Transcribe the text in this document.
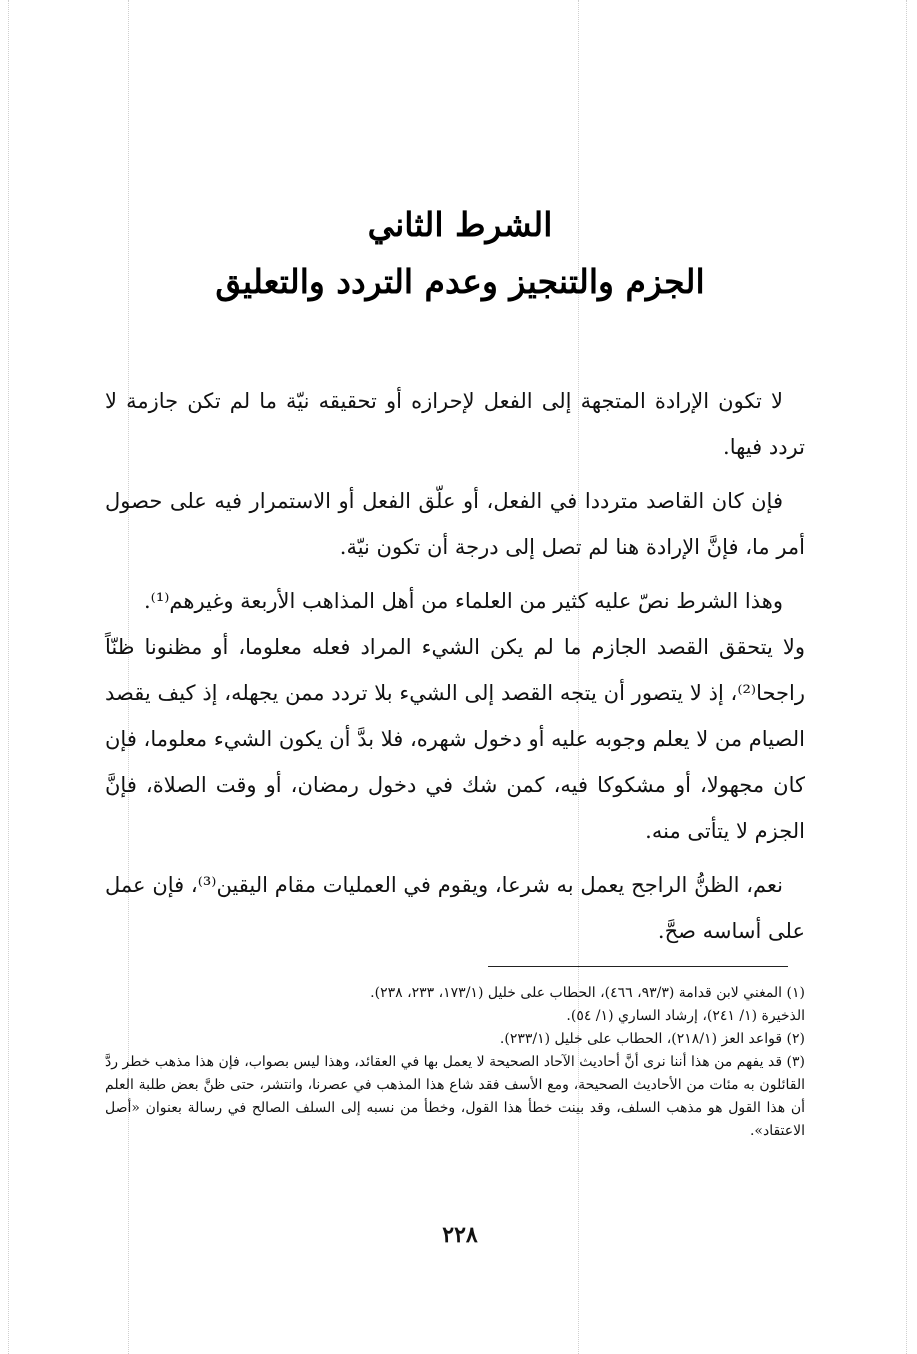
الشرط الثاني
الجزم والتنجيز وعدم التردد والتعليق

لا تكون الإرادة المتجهة إلى الفعل لإحرازه أو تحقيقه نيّة ما لم تكن جازمة لا تردد فيها.

فإن كان القاصد مترددا في الفعل، أو علّق الفعل أو الاستمرار فيه على حصول أمر ما، فإنَّ الإرادة هنا لم تصل إلى درجة أن تكون نيّة.

وهذا الشرط نصّ عليه كثير من العلماء من أهل المذاهب الأربعة وغيرهم⁽¹⁾.

ولا يتحقق القصد الجازم ما لم يكن الشيء المراد فعله معلوما، أو مظنونا ظنّاً راجحا⁽²⁾، إذ لا يتصور أن يتجه القصد إلى الشيء بلا تردد ممن يجهله، إذ كيف يقصد الصيام من لا يعلم وجوبه عليه أو دخول شهره، فلا بدَّ أن يكون الشيء معلوما، فإن كان مجهولا، أو مشكوكا فيه، كمن شك في دخول رمضان، أو وقت الصلاة، فإنَّ الجزم لا يتأتى منه.

نعم، الظنُّ الراجح يعمل به شرعا، ويقوم في العمليات مقام اليقين⁽³⁾، فإن عمل على أساسه صحَّ.

(١) المغني لابن قدامة (٩٣/٣، ٤٦٦)، الحطاب على خليل (١٧٣/١، ٢٣٣، ٢٣٨).
الذخيرة (١/ ٢٤١)، إرشاد الساري (١/ ٥٤).
(٢) قواعد العز (٢١٨/١)، الحطاب على خليل (٢٣٣/١).
(٣) قد يفهم من هذا أننا نرى أنَّ أحاديث الآحاد الصحيحة لا يعمل بها في العقائد، وهذا ليس بصواب، فإن هذا مذهب خطر ردَّ القائلون به مئات من الأحاديث الصحيحة، ومع الأسف فقد شاع هذا المذهب في عصرنا، وانتشر، حتى ظنَّ بعض طلبة العلم أن هذا القول هو مذهب السلف، وقد بينت خطأ هذا القول، وخطأ من نسبه إلى السلف الصالح في رسالة بعنوان «أصل الاعتقاد».
٢٢٨
